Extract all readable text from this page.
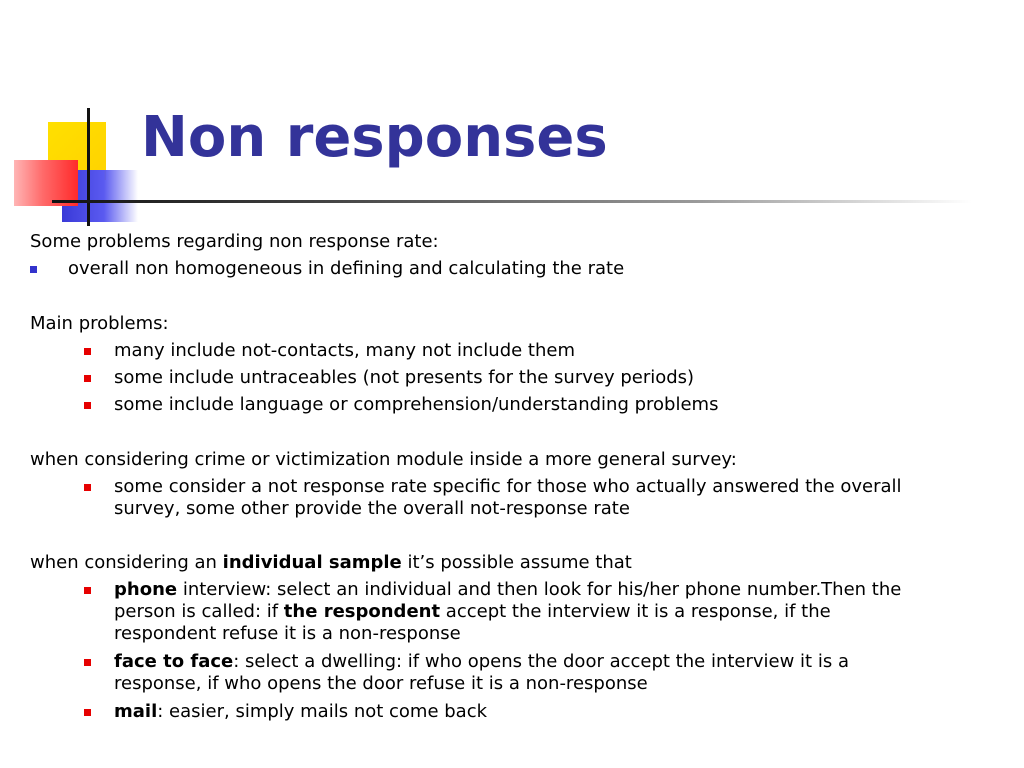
Non responses
Some problems regarding non response rate:
overall non homogeneous in defining and calculating the rate
Main problems:
many include not-contacts, many not include them
some include untraceables (not presents for the survey periods)
some include language or comprehension/understanding problems
when considering crime or victimization module inside a more general survey:
some consider a not response rate specific for those who actually answered the overall
survey, some other provide the overall not-response rate
when considering an individual sample it’s possible assume that
phone interview: select an individual and then look for his/her phone number.Then the
person is called: if the respondent accept the interview it is a response, if the
respondent refuse it is a non-response
face to face: select a dwelling: if who opens the door accept the interview it is a
response, if who opens the door refuse it is a non-response
mail: easier, simply mails not come back
